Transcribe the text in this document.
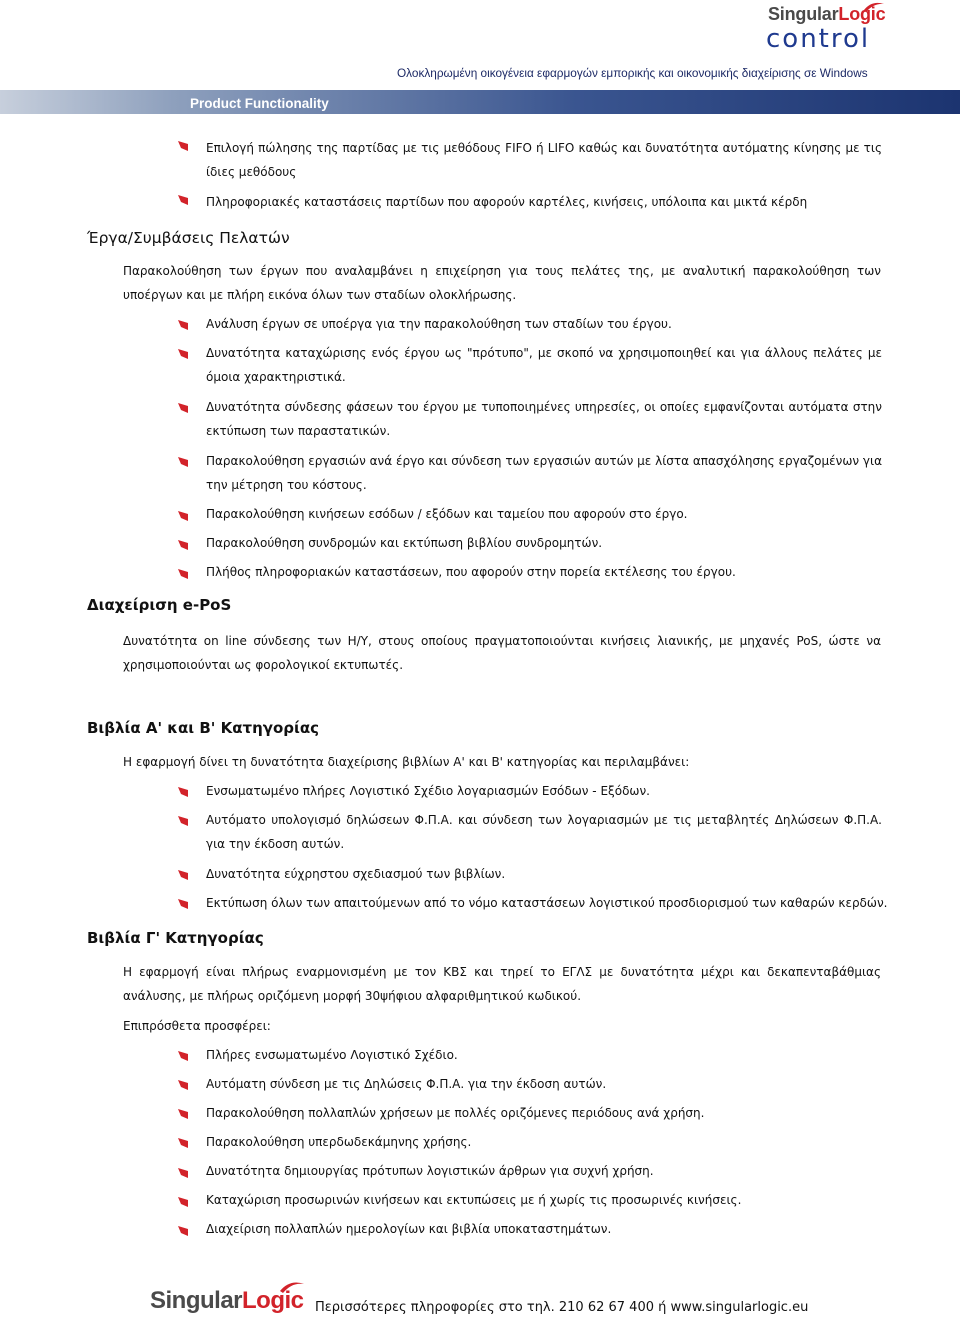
SingularLogic
control
Ολοκληρωμένη οικογένεια εφαρμογών εμπορικής και οικονομικής διαχείρισης σε Windows
Product Functionality
Επιλογή πώλησης της παρτίδας με τις μεθόδους FIFO ή LIFO καθώς και δυνατότητα αυτόματης κίνησης με τις ίδιες μεθόδους
Πληροφοριακές καταστάσεις παρτίδων που αφορούν καρτέλες, κινήσεις, υπόλοιπα και μικτά κέρδη
Έργα/Συμβάσεις Πελατών
Παρακολούθηση των έργων που αναλαμβάνει η επιχείρηση για τους πελάτες της, με αναλυτική παρακολούθηση των υποέργων και με πλήρη εικόνα όλων των σταδίων ολοκλήρωσης.
Ανάλυση έργων σε υποέργα για την παρακολούθηση των σταδίων του έργου.
Δυνατότητα καταχώρισης ενός έργου ως "πρότυπο", με σκοπό να χρησιμοποιηθεί και για άλλους πελάτες με όμοια χαρακτηριστικά.
Δυνατότητα σύνδεσης φάσεων του έργου με τυποποιημένες υπηρεσίες, οι οποίες εμφανίζονται αυτόματα στην εκτύπωση των παραστατικών.
Παρακολούθηση εργασιών ανά έργο και σύνδεση των εργασιών αυτών με λίστα απασχόλησης εργαζομένων για την μέτρηση του κόστους.
Παρακολούθηση κινήσεων εσόδων / εξόδων και ταμείου που αφορούν στο έργο.
Παρακολούθηση συνδρομών και εκτύπωση βιβλίου συνδρομητών.
Πλήθος πληροφοριακών καταστάσεων, που αφορούν στην πορεία εκτέλεσης του έργου.
Διαχείριση e-PoS
Δυνατότητα on line σύνδεσης των Η/Υ, στους οποίους πραγματοποιούνται κινήσεις λιανικής, με μηχανές PoS, ώστε να χρησιμοποιούνται ως φορολογικοί εκτυπωτές.
Βιβλία Α' και Β' Κατηγορίας
Η εφαρμογή δίνει τη δυνατότητα διαχείρισης βιβλίων Α' και Β' κατηγορίας και περιλαμβάνει:
Ενσωματωμένο πλήρες Λογιστικό Σχέδιο λογαριασμών Εσόδων - Εξόδων.
Αυτόματο υπολογισμό δηλώσεων Φ.Π.Α. και σύνδεση των λογαριασμών με τις μεταβλητές Δηλώσεων Φ.Π.Α. για την έκδοση αυτών.
Δυνατότητα εύχρηστου σχεδιασμού των βιβλίων.
Εκτύπωση όλων των απαιτούμενων από το νόμο καταστάσεων λογιστικού προσδιορισμού των καθαρών κερδών.
Βιβλία Γ' Κατηγορίας
Η εφαρμογή είναι πλήρως εναρμονισμένη με τον ΚΒΣ και τηρεί το ΕΓΛΣ με δυνατότητα μέχρι και δεκαπενταβάθμιας ανάλυσης, με πλήρως οριζόμενη μορφή 30ψήφιου αλφαριθμητικού κωδικού.
Επιπρόσθετα προσφέρει:
Πλήρες ενσωματωμένο Λογιστικό Σχέδιο.
Αυτόματη σύνδεση με τις Δηλώσεις Φ.Π.Α. για την έκδοση αυτών.
Παρακολούθηση πολλαπλών χρήσεων με πολλές οριζόμενες περιόδους ανά χρήση.
Παρακολούθηση υπερδωδεκάμηνης χρήσης.
Δυνατότητα δημιουργίας πρότυπων λογιστικών άρθρων για συχνή χρήση.
Καταχώριση προσωρινών κινήσεων και εκτυπώσεις με ή χωρίς τις προσωρινές κινήσεις.
Διαχείριση πολλαπλών ημερολογίων και βιβλία υποκαταστημάτων.
SingularLogic Περισσότερες πληροφορίες στο τηλ. 210 62 67 400 ή www.singularlogic.eu
